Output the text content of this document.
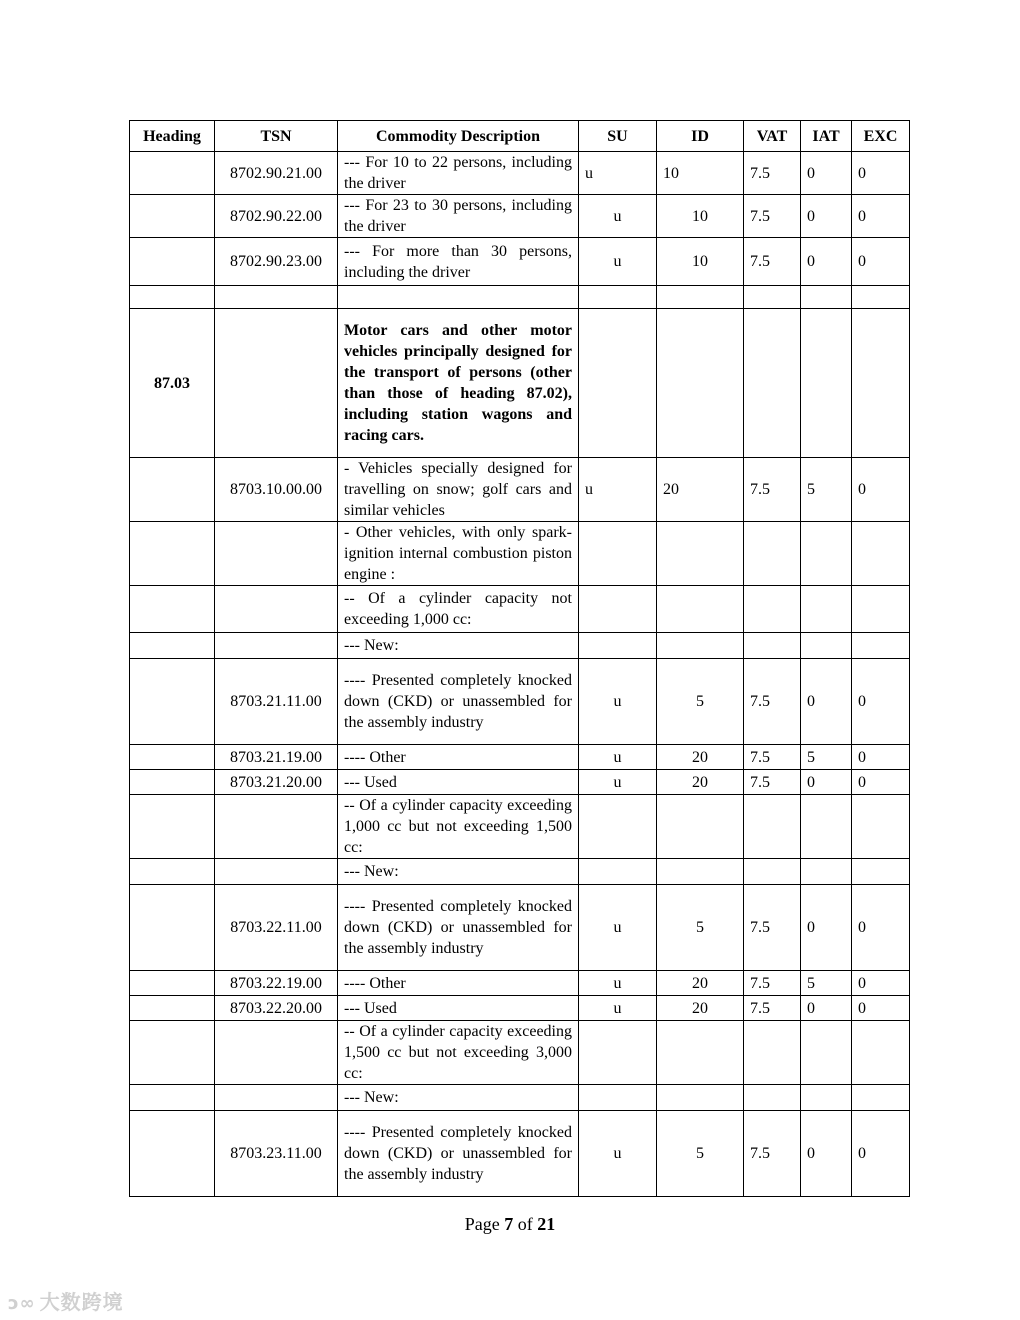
Heading	TSN	Commodity Description	SU	ID	VAT	IAT	EXC
	8702.90.21.00	--- For 10 to 22 persons, including the driver	u	10	7.5	0	0
	8702.90.22.00	--- For 23 to 30 persons, including the driver	u	10	7.5	0	0
	8702.90.23.00	--- For more than 30 persons, including the driver	u	10	7.5	0	0

87.03		Motor cars and other motor vehicles principally designed for the transport of persons (other than those of heading 87.02), including station wagons and racing cars.					
	8703.10.00.00	- Vehicles specially designed for travelling on snow; golf cars and similar vehicles	u	20	7.5	5	0
		- Other vehicles, with only spark-ignition internal combustion piston engine :					
		-- Of a cylinder capacity not exceeding 1,000 cc:					
		--- New:					
	8703.21.11.00	---- Presented completely knocked down (CKD) or unassembled for the assembly industry	u	5	7.5	0	0
	8703.21.19.00	---- Other	u	20	7.5	5	0
	8703.21.20.00	--- Used	u	20	7.5	0	0
		-- Of a cylinder capacity exceeding 1,000 cc but not exceeding 1,500 cc:					
		--- New:					
	8703.22.11.00	---- Presented completely knocked down (CKD) or unassembled for the assembly industry	u	5	7.5	0	0
	8703.22.19.00	---- Other	u	20	7.5	5	0
	8703.22.20.00	--- Used	u	20	7.5	0	0
		-- Of a cylinder capacity exceeding 1,500 cc but not exceeding 3,000 cc:					
		--- New:					
	8703.23.11.00	---- Presented completely knocked down (CKD) or unassembled for the assembly industry	u	5	7.5	0	0
Page 7 of 21
ↄ∞ 大数跨境
